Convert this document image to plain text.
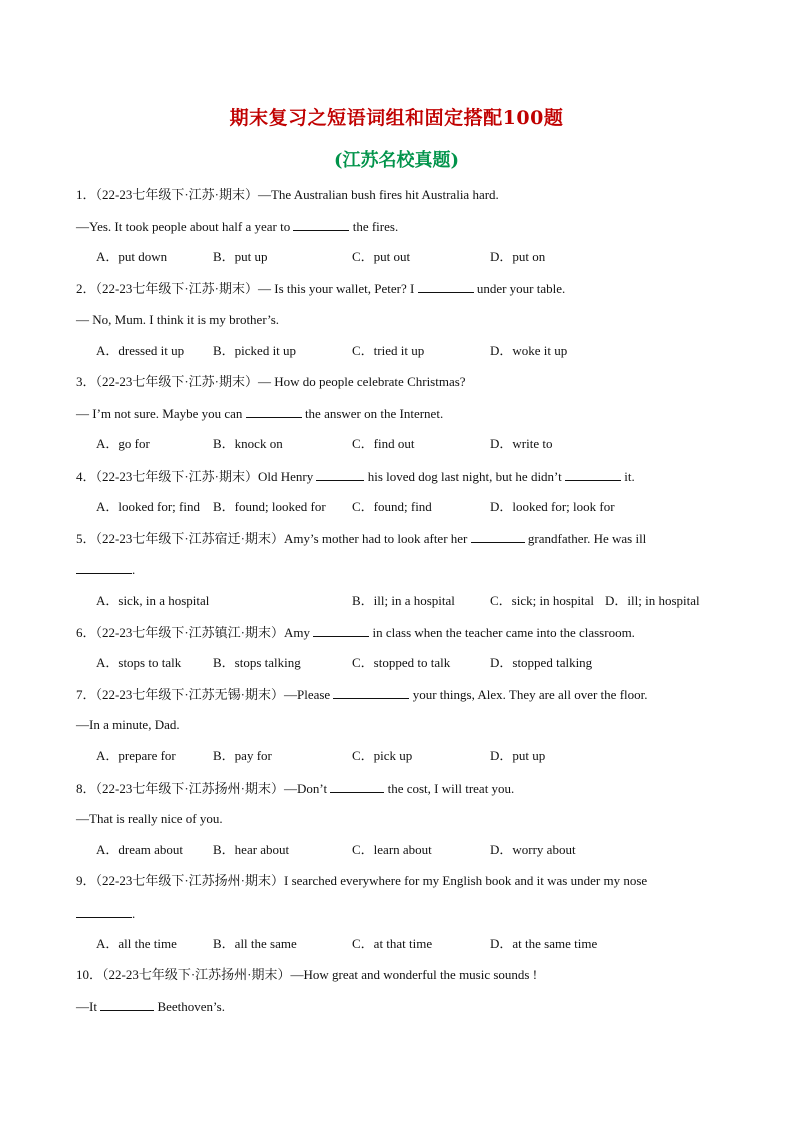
期末复习之短语词组和固定搭配100题
(江苏名校真题)
1．（22-23七年级下·江苏·期末）—The Australian bush fires hit Australia hard.
—Yes. It took people about half a year to	the fires.
A．put down	B．put up	C．put out	D．put on
2．（22-23七年级下·江苏·期末）— Is this your wallet, Peter? I	under your table.
— No, Mum. I think it is my brother’s.
A．dressed it up B．picked it up	C．tried it up	D．woke it up
3．（22-23七年级下·江苏·期末）— How do people celebrate Christmas?
— I’m not sure. Maybe you can	the answer on the Internet.
A．go for	B．knock on	C．find out	D．write to
4．（22-23七年级下·江苏·期末）Old Henry	his loved dog last night, but he didn’t	it.
A．looked for; find B．found; looked for C．found; find	D．looked for; look for
5．（22-23七年级下·江苏宿迁·期末）Amy’s mother had to look after her	grandfather. He was ill
.
A．sick, in a hospital	B．ill; in a hospital	C．sick; in hospital D．ill; in hospital
6．（22-23七年级下·江苏镇江·期末）Amy	in class when the teacher came into the classroom.
A．stops to talk B．stops talking	C．stopped to talk	D．stopped talking
7．（22-23七年级下·江苏无锡·期末）—Please	your things, Alex. They are all over the floor.
—In a minute, Dad.
A．prepare for	B．pay for	C．pick up	D．put up
8．（22-23七年级下·江苏扬州·期末）—Don’t	the cost, I will treat you.
—That is really nice of you.
A．dream about B．hear about	C．learn about	D．worry about
9．（22-23七年级下·江苏扬州·期末）I searched everywhere for my English book and it was under my nose
.
A．all the time	B．all the same	C．at that time	D．at the same time
10．（22-23七年级下·江苏扬州·期末）—How great and wonderful the music sounds !
—It	Beethoven’s.
